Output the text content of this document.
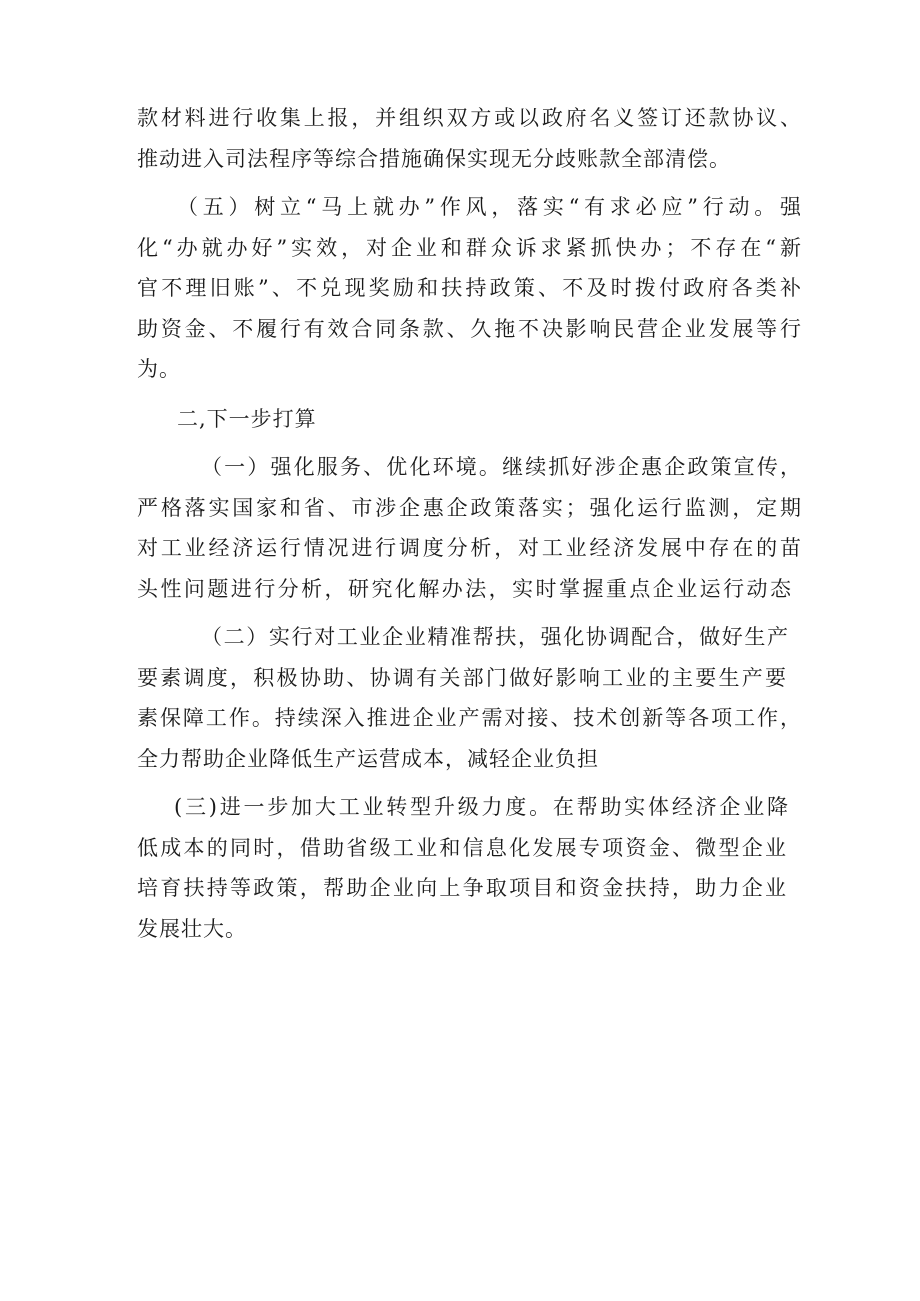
款材料进行收集上报，并组织双方或以政府名义签订还款协议、
推动进入司法程序等综合措施确保实现无分歧账款全部清偿。

（五）树立“马上就办”作风，落实“有求必应”行动。强
化“办就办好”实效，对企业和群众诉求紧抓快办；不存在“新
官不理旧账”、不兑现奖励和扶持政策、不及时拨付政府各类补
助资金、不履行有效合同条款、久拖不决影响民营企业发展等行
为。

二,下一步打算

（一）强化服务、优化环境。继续抓好涉企惠企政策宣传，
严格落实国家和省、市涉企惠企政策落实；强化运行监测，定期
对工业经济运行情况进行调度分析，对工业经济发展中存在的苗
头性问题进行分析，研究化解办法，实时掌握重点企业运行动态

（二）实行对工业企业精准帮扶，强化协调配合，做好生产
要素调度，积极协助、协调有关部门做好影响工业的主要生产要
素保障工作。持续深入推进企业产需对接、技术创新等各项工作，
全力帮助企业降低生产运营成本，减轻企业负担

(三)进一步加大工业转型升级力度。在帮助实体经济企业降
低成本的同时，借助省级工业和信息化发展专项资金、微型企业
培育扶持等政策，帮助企业向上争取项目和资金扶持，助力企业
发展壮大。
